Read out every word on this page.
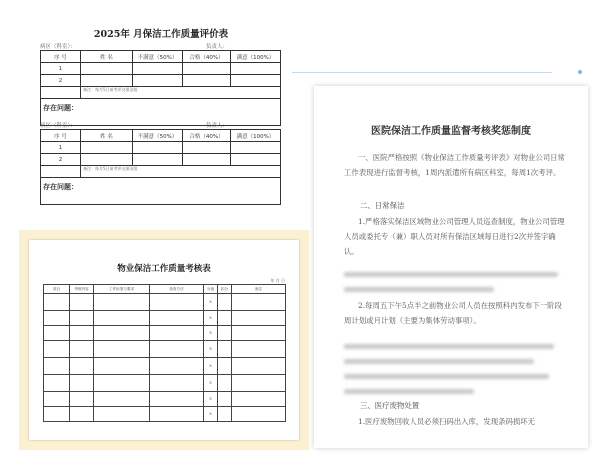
2025年 月保洁工作质量评价表
病区（科室）：	负责人：
序 号	姓 名	不满意（50%）	合格（40%）	满意（100%）
1				
2				
	备注：每月5日前考评交保洁组			
存在问题：				
病区（科室）：	负责人：
序 号	姓 名	不满意（50%）	合格（40%）	满意（100%）
1				
2				
	备注：每月5日前考评交保洁组			
存在问题：				
物业保洁工作质量考核表
年 月 日
项目	考核内容	工作标准与要求	检查方法	分值	扣分	备注
				5		
				5		
				5		
				5		
				5		
				5		
				5		
				5		
医院保洁工作质量监督考核奖惩制度
一、医院严格按照《物业保洁工作质量考评表》对物业公司日常工作表现进行监督考核，1周内派遣所有病区科室，每周1次考评。
二、日常保洁
1.严格落实保洁区域物业公司管理人员巡查制度，物业公司管理人员或委托专（兼）职人员对所有保洁区域每日进行2次并签字确认。
2.每周五下午5点半之前物业公司人员在按照科内发布下一阶段周计划或月计划（主要为集体劳动事项）。
三、医疗废物处置
1.医疗废物回收人员必须扫码出入库，发现条码损坏无
